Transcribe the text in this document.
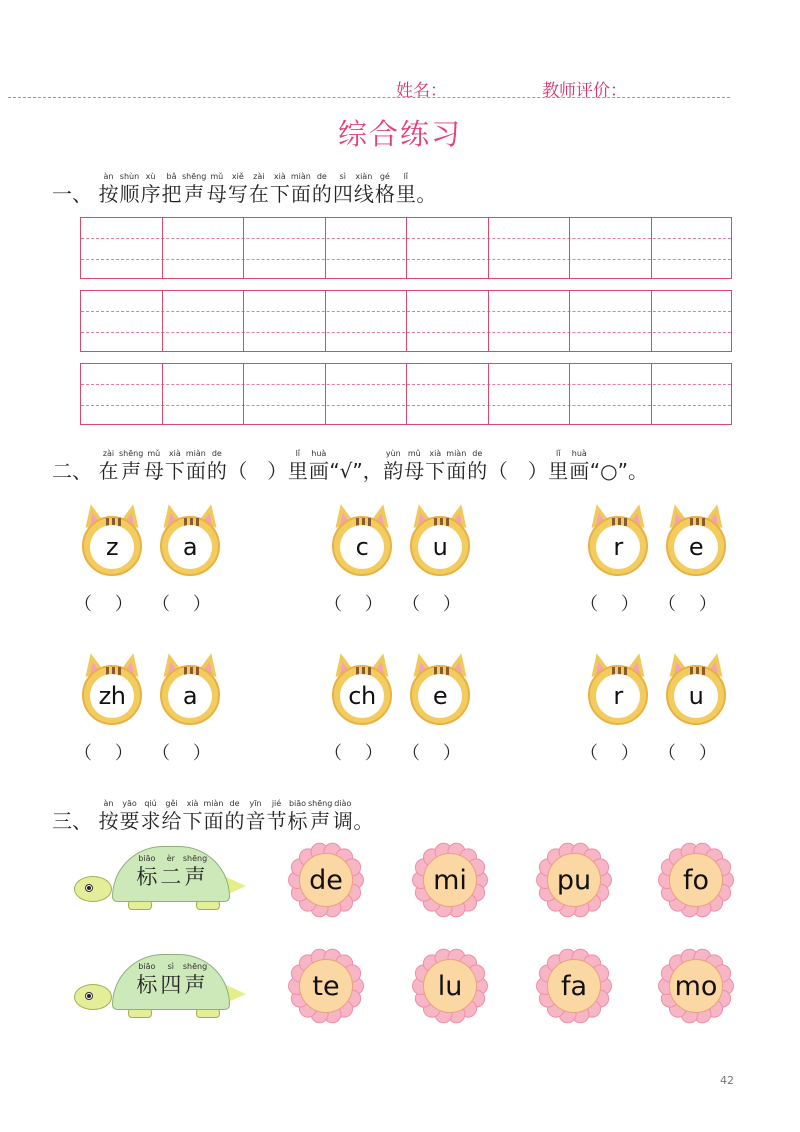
姓名：	教师评价：
综合练习
一、
àn
按
shùn
顺
xù
序
bǎ
把
shēng
声
mǔ
母
xiě
写
zài
在
xià
下
miàn
面
de
的
sì
四
xiàn
线
gé
格
lǐ
里 。
二、
zài
在
shēng
声
mǔ
母
xià
下
miàn
面
de
的 （　）
lǐ
里
huà
画 “√”，
yùn
韵
mǔ
母
xià
下
miàn
面
de
的 （　）
lǐ
里
huà
画 “○”。
z
（    ）
a
（    ）
c
（    ）
u
（    ）
r
（    ）
e
（    ）
zh
（    ）
a
（    ）
ch
（    ）
e
（    ）
r
（    ）
u
（    ）
三、
àn
按
yāo
要
qiú
求
gěi
给
xià
下
miàn
面
de
的
yīn
音
jié
节
biāo
标
shēng
声
diào
调 。
biāo
标
èr
二
shēng
声
biāo
标
sì
四
shēng
声
de	mi	pu	fo
te	lu	fa	mo
42
